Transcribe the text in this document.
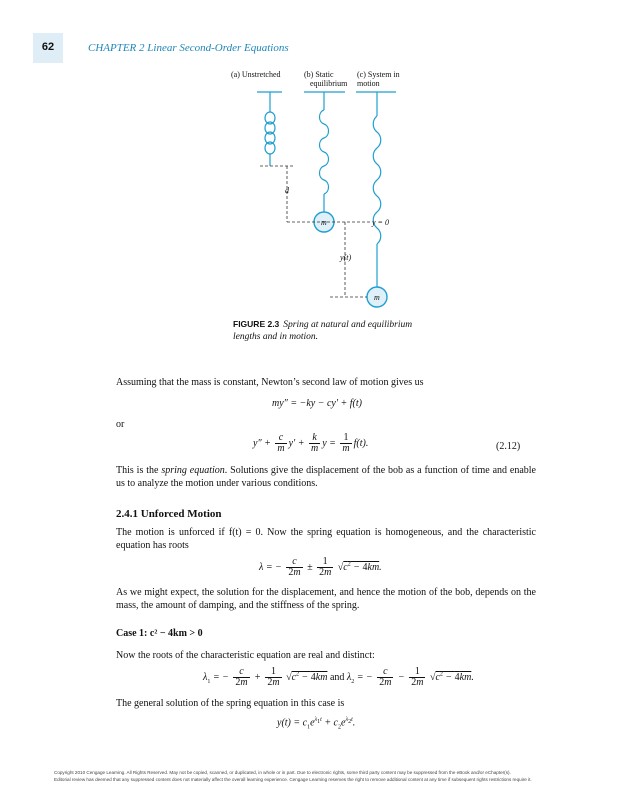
62	CHAPTER 2 Linear Second-Order Equations
(a) Unstretched	(b) Static
equilibrium
(c) System in
motion
d
m
m
y = 0
y(t)
FIGURE 2.3 Spring at natural and equilibrium lengths and in motion.
Assuming that the mass is constant, Newton’s second law of motion gives us
my″ = −ky − cy′ + f(t)
or
$y'' + \frac{c}{m} y' + \frac{k}{m}$ $y = \frac{1}{m} f(t)$.	(2.12)
This is the spring equation. Solutions give the displacement of the bob as a function of time and enable us to analyze the motion under various conditions.
2.4.1 Unforced Motion
The motion is unforced if f(t) = 0. Now the spring equation is homogeneous, and the characteristic equation has roots
λ = − $\frac{c}{2m} \pm \frac{1}{2m} √c^2 - 4km$.
As we might expect, the solution for the displacement, and hence the motion of the bob, depends on the mass, the amount of damping, and the stiffness of the spring.
Case 1: c² − 4km > 0
Now the roots of the characteristic equation are real and distinct:
$\lambda_1$ = − $\frac{c}{2m} + \frac{1}{2m} √c^2 - 4km$ and $\lambda_2$ = − $\frac{c}{2m} - \frac{1}{2m} √c^2 - 4km$.
The general solution of the spring equation in this case is
$y(t) = c_1e^{\lambda_1t} + c_2e^{\lambda_2t}$.
Copyright 2010 Cengage Learning. All Rights Reserved. May not be copied, scanned, or duplicated, in whole or in part. Due to electronic rights, some third party content may be suppressed from the eBook and/or eChapter(s).
Editorial review has deemed that any suppressed content does not materially affect the overall learning experience. Cengage Learning reserves the right to remove additional content at any time if subsequent rights restrictions require it.
